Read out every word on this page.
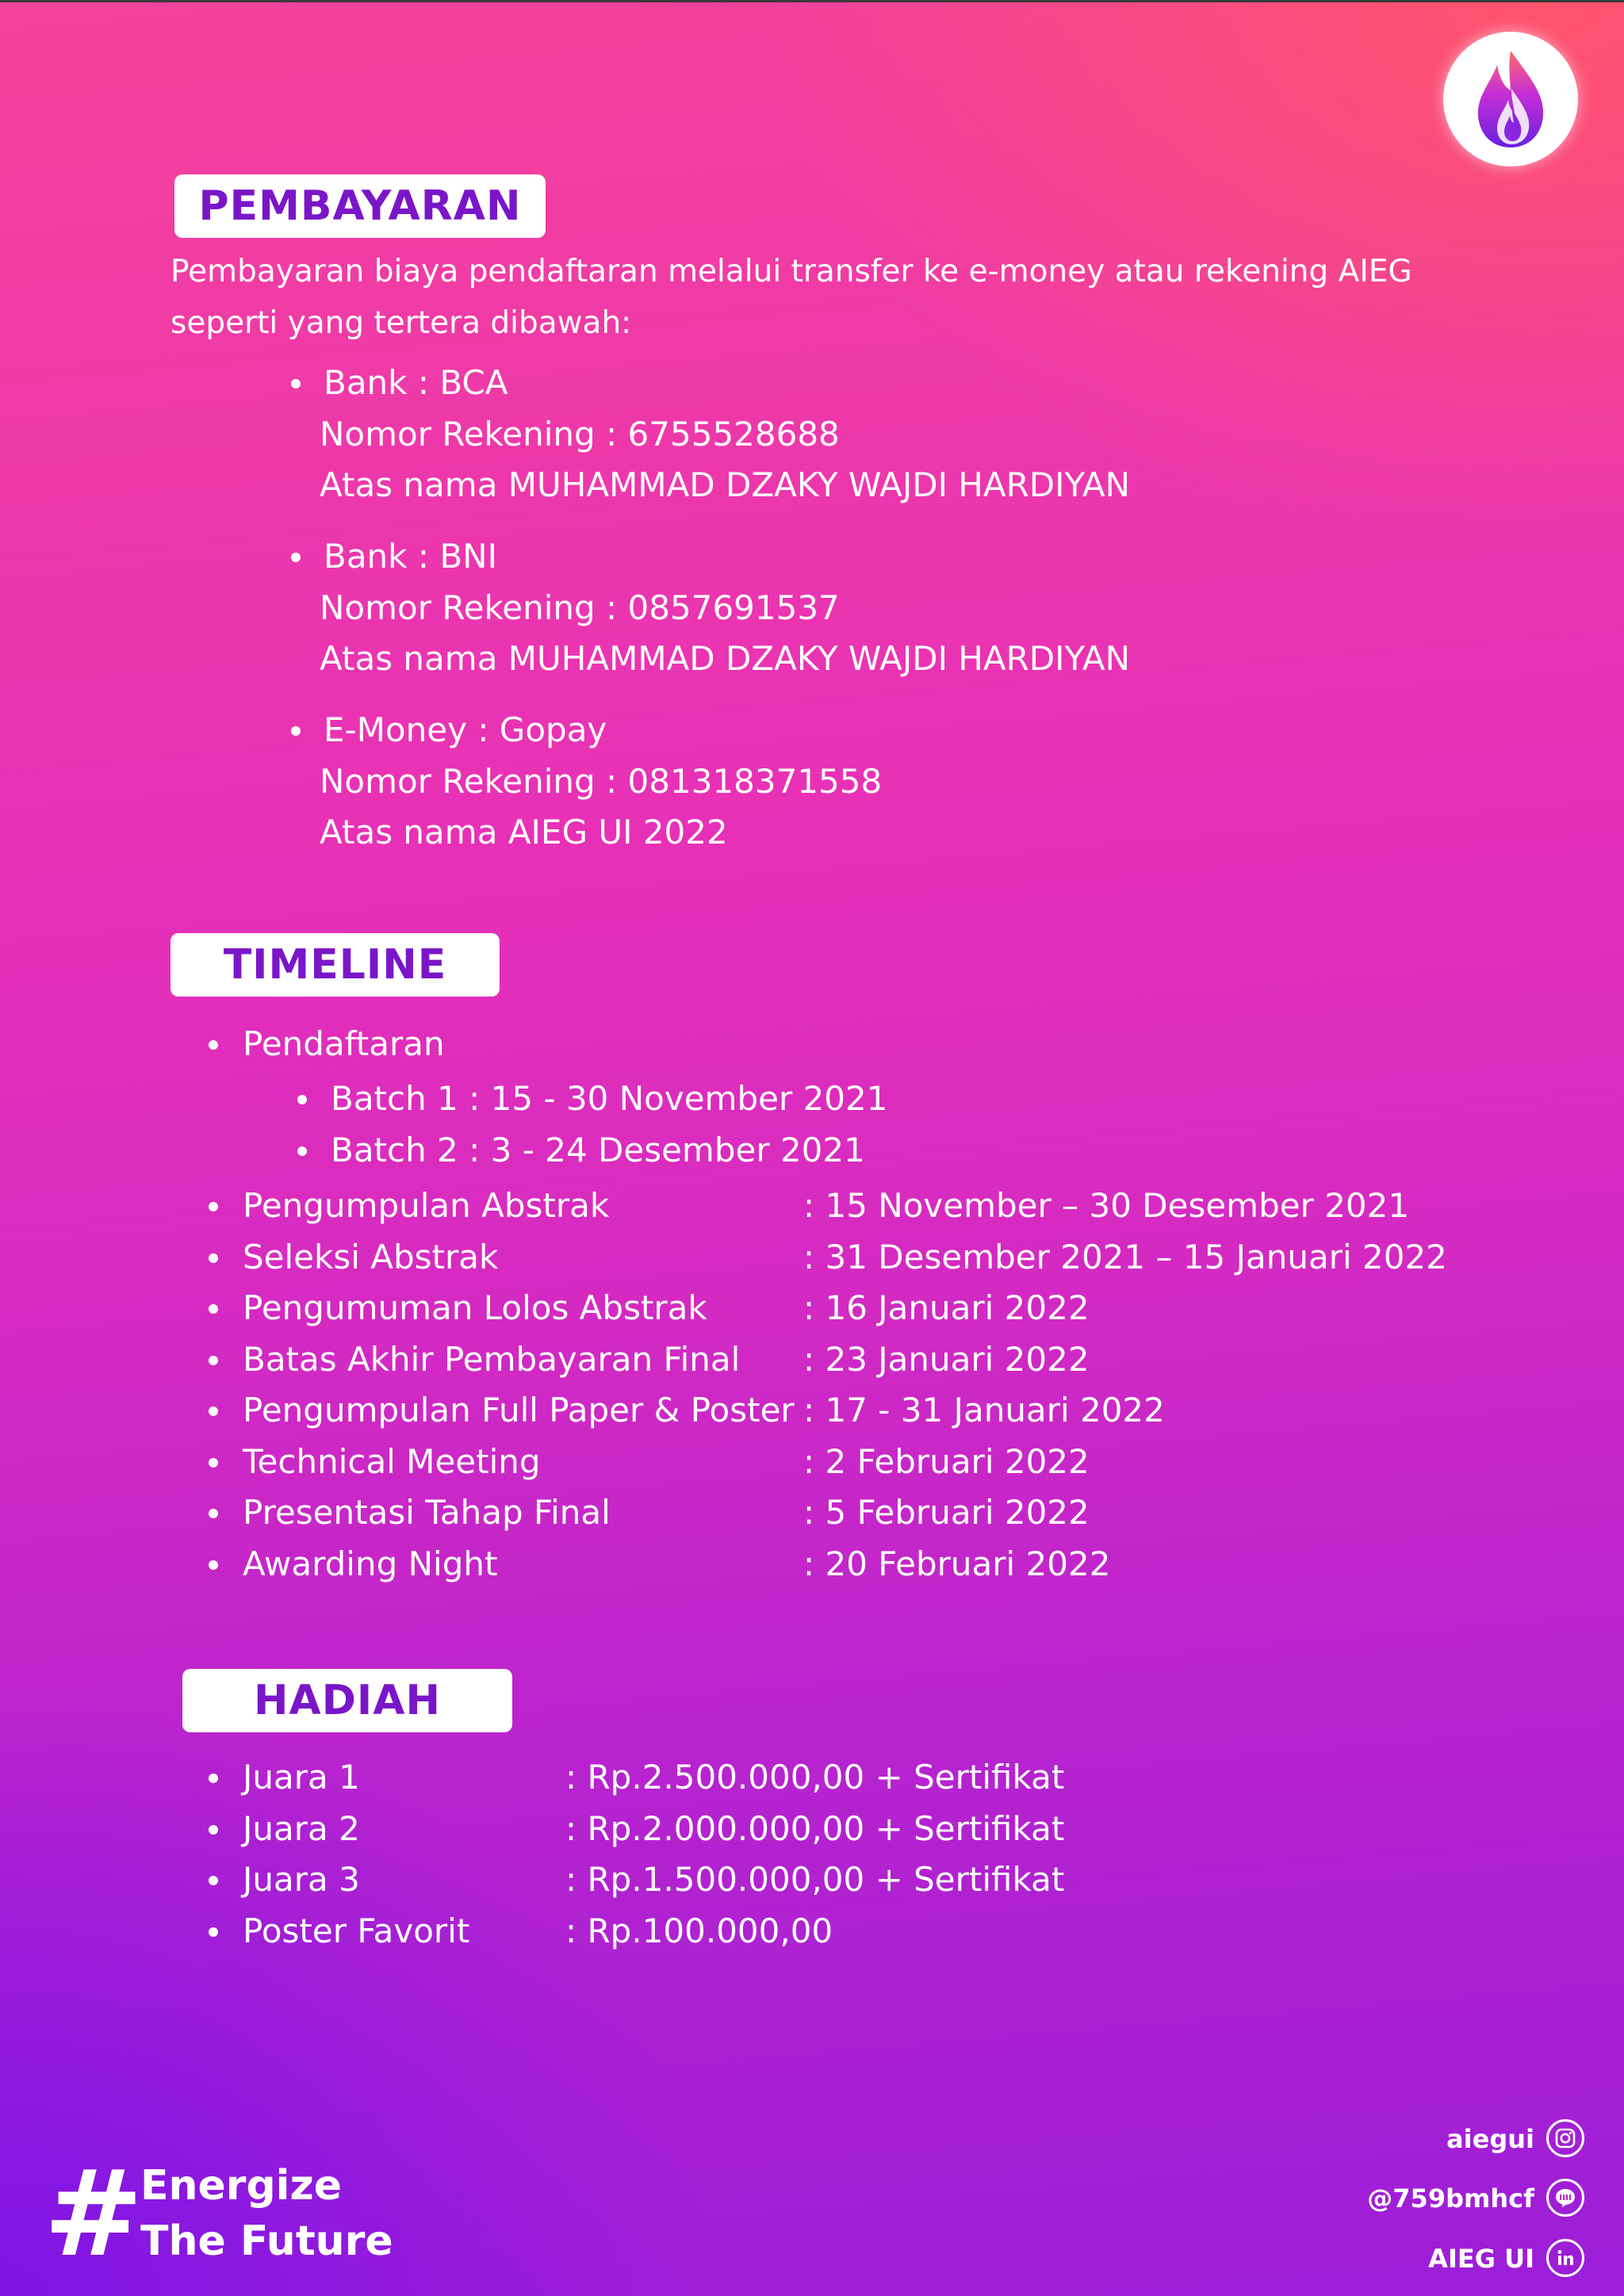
PEMBAYARAN
Pembayaran biaya pendaftaran melalui transfer ke e-money atau rekening AIEG
seperti yang tertera dibawah:
Bank : BCA
Nomor Rekening : 6755528688
Atas nama MUHAMMAD DZAKY WAJDI HARDIYAN
Bank : BNI
Nomor Rekening : 0857691537
Atas nama MUHAMMAD DZAKY WAJDI HARDIYAN
E-Money : Gopay
Nomor Rekening : 081318371558
Atas nama AIEG UI 2022
TIMELINE
Pendaftaran
Batch 1 : 15 - 30 November 2021
Batch 2 : 3 - 24 Desember 2021
Pengumpulan Abstrak	: 15 November – 30 Desember 2021
Seleksi Abstrak	: 31 Desember 2021 – 15 Januari 2022
Pengumuman Lolos Abstrak	: 16 Januari 2022
Batas Akhir Pembayaran Final : 23 Januari 2022
Pengumpulan Full Paper & Poster : 17 - 31 Januari 2022
Technical Meeting	: 2 Februari 2022
Presentasi Tahap Final	: 5 Februari 2022
Awarding Night	: 20 Februari 2022
HADIAH
Juara 1	: Rp.2.500.000,00 + Sertifikat
Juara 2	: Rp.2.000.000,00 + Sertifikat
Juara 3	: Rp.1.500.000,00 + Sertifikat
Poster Favorit	: Rp.100.000,00
#
Energize
The Future
aiegui
@759bmhcf
AIEG UI
